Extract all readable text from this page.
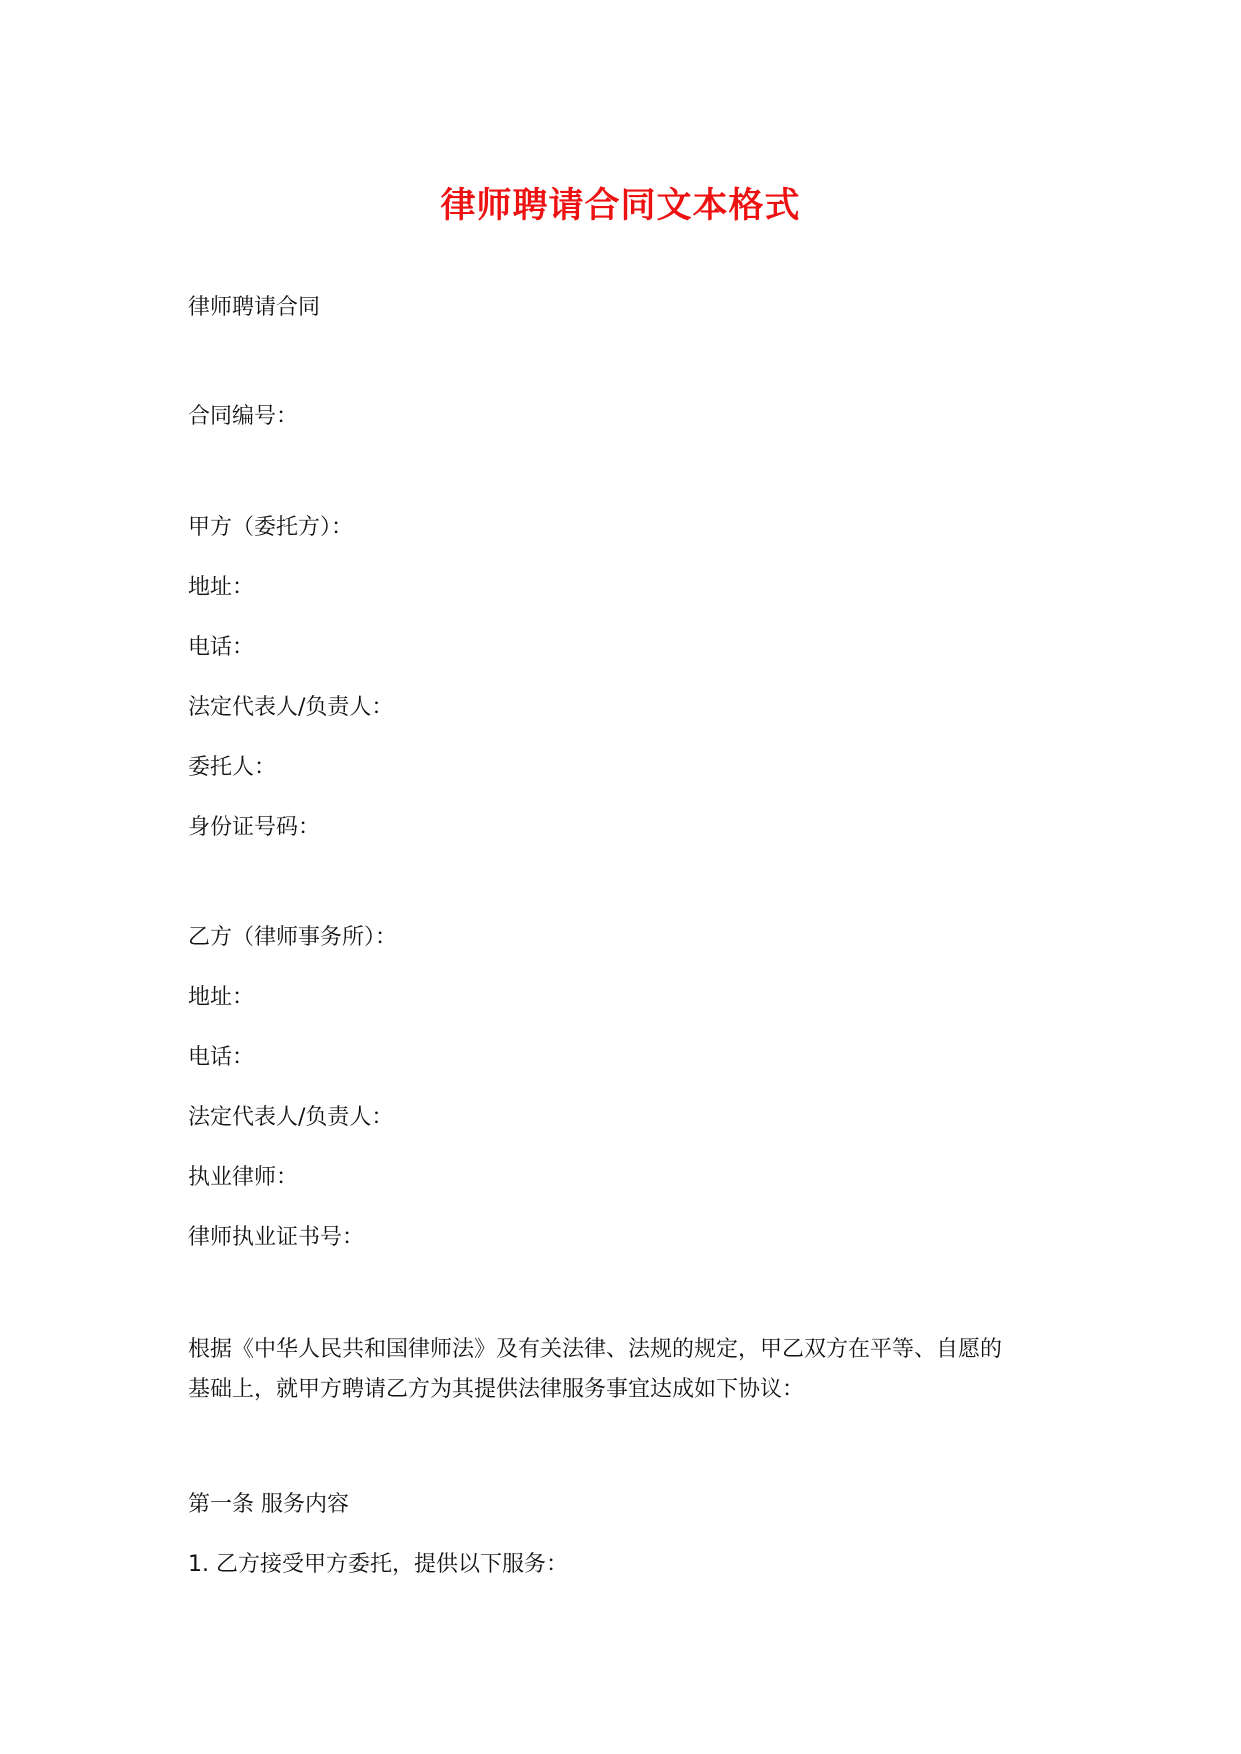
律师聘请合同文本格式
律师聘请合同
合同编号：
甲方（委托方）：
地址：
电话：
法定代表人/负责人：
委托人：
身份证号码：
乙方（律师事务所）：
地址：
电话：
法定代表人/负责人：
执业律师：
律师执业证书号：
根据《中华人民共和国律师法》及有关法律、法规的规定，甲乙双方在平等、自愿的
基础上，就甲方聘请乙方为其提供法律服务事宜达成如下协议：
第一条 服务内容
1. 乙方接受甲方委托，提供以下服务：
